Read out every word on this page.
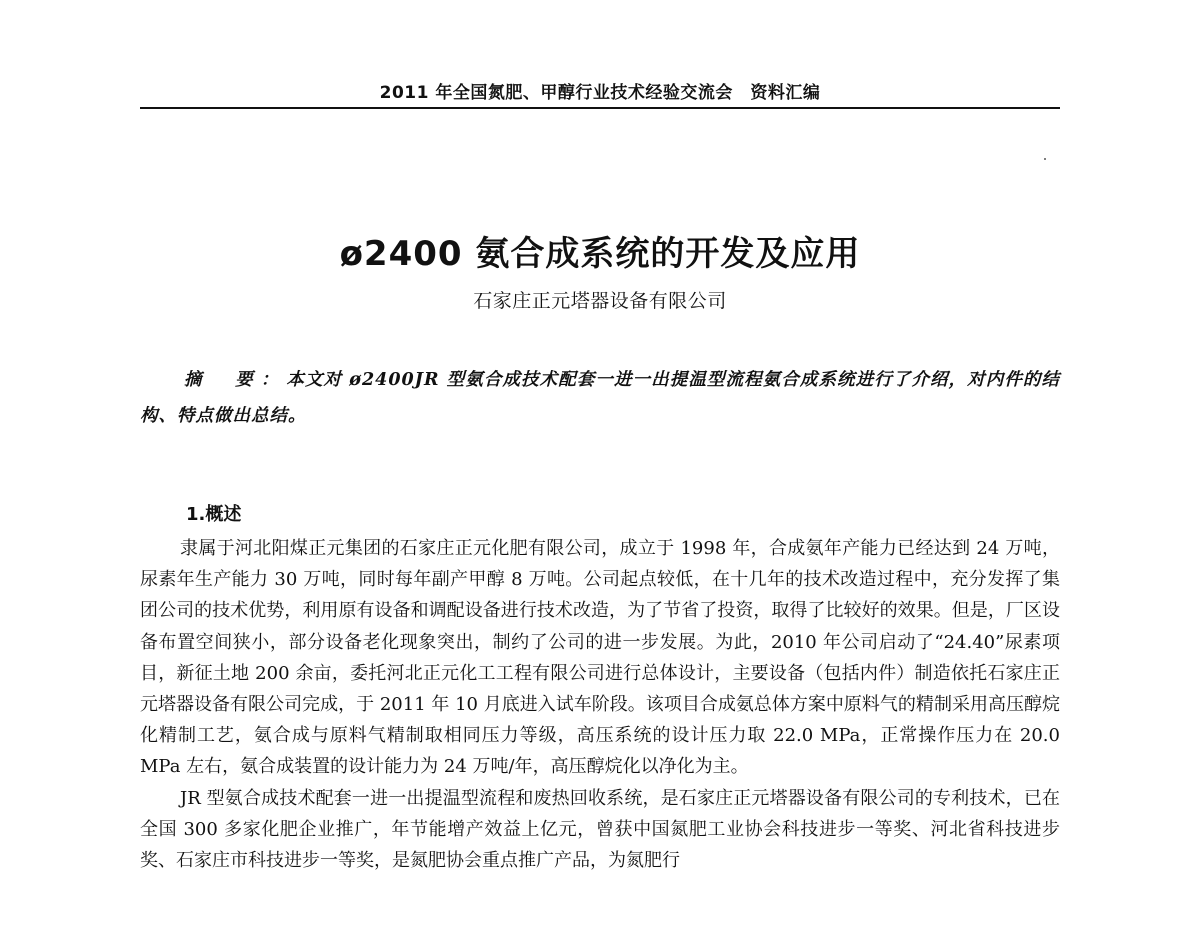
2011 年全国氮肥、甲醇行业技术经验交流会　资料汇编
ø2400 氨合成系统的开发及应用
石家庄正元塔器设备有限公司
摘　要：本文对 ø2400JR 型氨合成技术配套一进一出提温型流程氨合成系统进行了介绍，对内件的结构、特点做出总结。
1.概述

隶属于河北阳煤正元集团的石家庄正元化肥有限公司，成立于 1998 年，合成氨年产能力已经达到 24 万吨，尿素年生产能力 30 万吨，同时每年副产甲醇 8 万吨。公司起点较低，在十几年的技术改造过程中，充分发挥了集团公司的技术优势，利用原有设备和调配设备进行技术改造，为了节省了投资，取得了比较好的效果。但是，厂区设备布置空间狭小，部分设备老化现象突出，制约了公司的进一步发展。为此，2010 年公司启动了“24.40”尿素项目，新征土地 200 余亩，委托河北正元化工工程有限公司进行总体设计，主要设备（包括内件）制造依托石家庄正元塔器设备有限公司完成，于 2011 年 10 月底进入试车阶段。该项目合成氨总体方案中原料气的精制采用高压醇烷化精制工艺，氨合成与原料气精制取相同压力等级，高压系统的设计压力取 22.0 MPa，正常操作压力在 20.0 MPa 左右，氨合成装置的设计能力为 24 万吨/年，高压醇烷化以净化为主。

JR 型氨合成技术配套一进一出提温型流程和废热回收系统，是石家庄正元塔器设备有限公司的专利技术，已在全国 300 多家化肥企业推广，年节能增产效益上亿元，曾获中国氮肥工业协会科技进步一等奖、河北省科技进步奖、石家庄市科技进步一等奖，是氮肥协会重点推广产品，为氮肥行
